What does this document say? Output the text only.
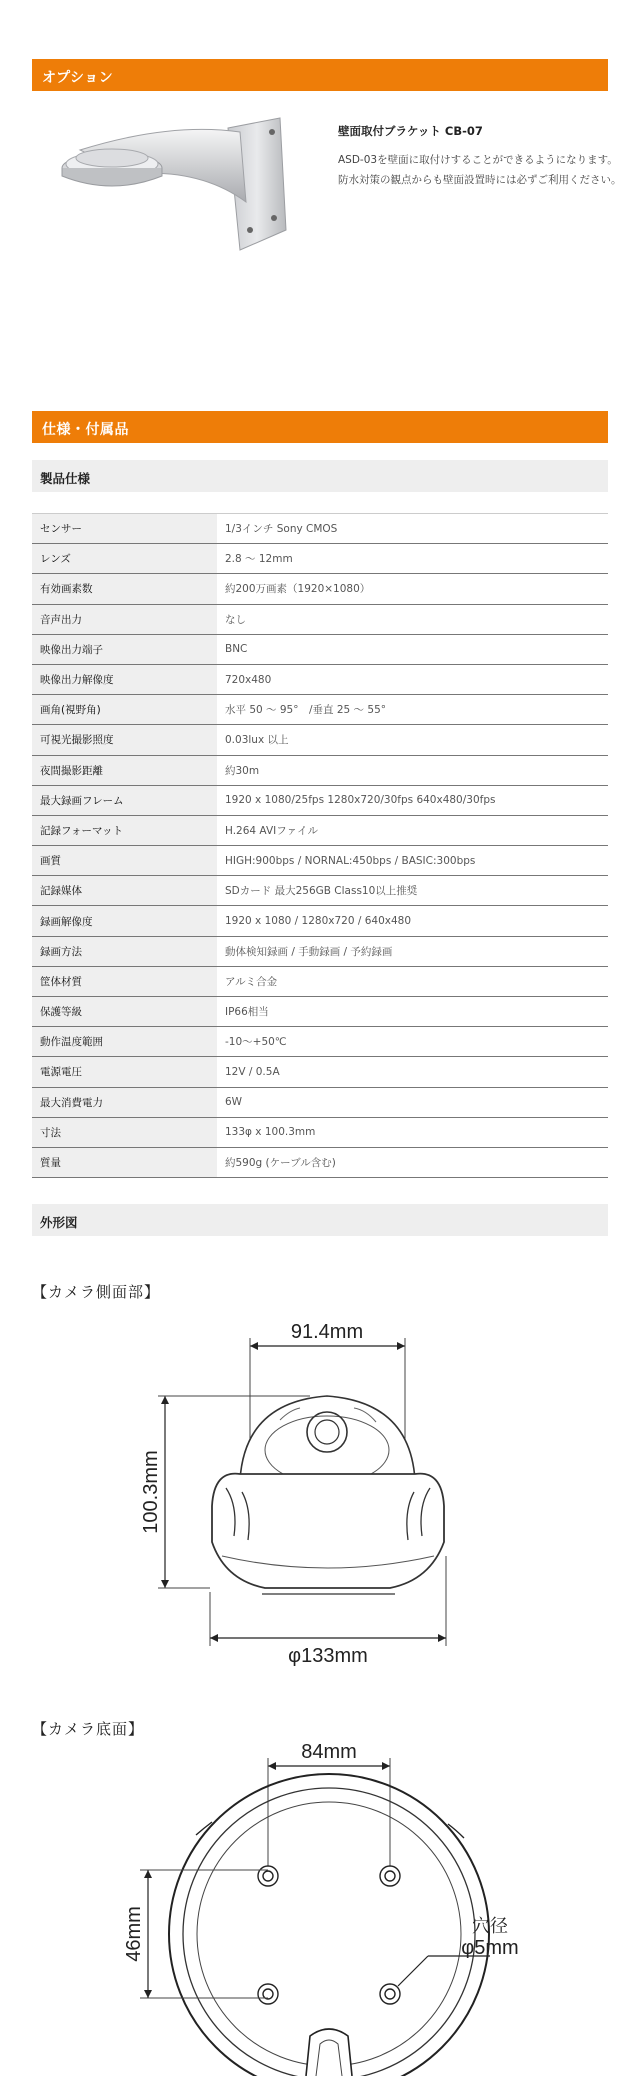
オプション
壁面取付ブラケット CB-07
ASD-03を壁面に取付けすることができるようになります。防水対策の観点からも壁面設置時には必ずご利用ください。
仕様・付属品
製品仕様
センサー	1/3インチ Sony CMOS
レンズ	2.8 ～ 12mm
有効画素数	約200万画素（1920×1080）
音声出力	なし
映像出力端子	BNC
映像出力解像度	720x480
画角(視野角)	水平 50 ～ 95°　/垂直 25 ～ 55°
可視光撮影照度	0.03lux 以上
夜間撮影距離	約30m
最大録画フレーム	1920 x 1080/25fps 1280x720/30fps 640x480/30fps
記録フォーマット	H.264 AVIファイル
画質	HIGH:900bps / NORNAL:450bps / BASIC:300bps
記録媒体	SDカード 最大256GB Class10以上推奨
録画解像度	1920 x 1080 / 1280x720 / 640x480
録画方法	動体検知録画 / 手動録画 / 予約録画
筐体材質	アルミ合金
保護等級	IP66相当
動作温度範囲	-10～+50℃
電源電圧	12V / 0.5A
最大消費電力	6W
寸法	133φ x 100.3mm
質量	約590g (ケーブル含む)
外形図
【カメラ側面部】
91.4mm
100.3mm
φ133mm
【カメラ底面】
84mm
46mm	穴径
φ5mm
